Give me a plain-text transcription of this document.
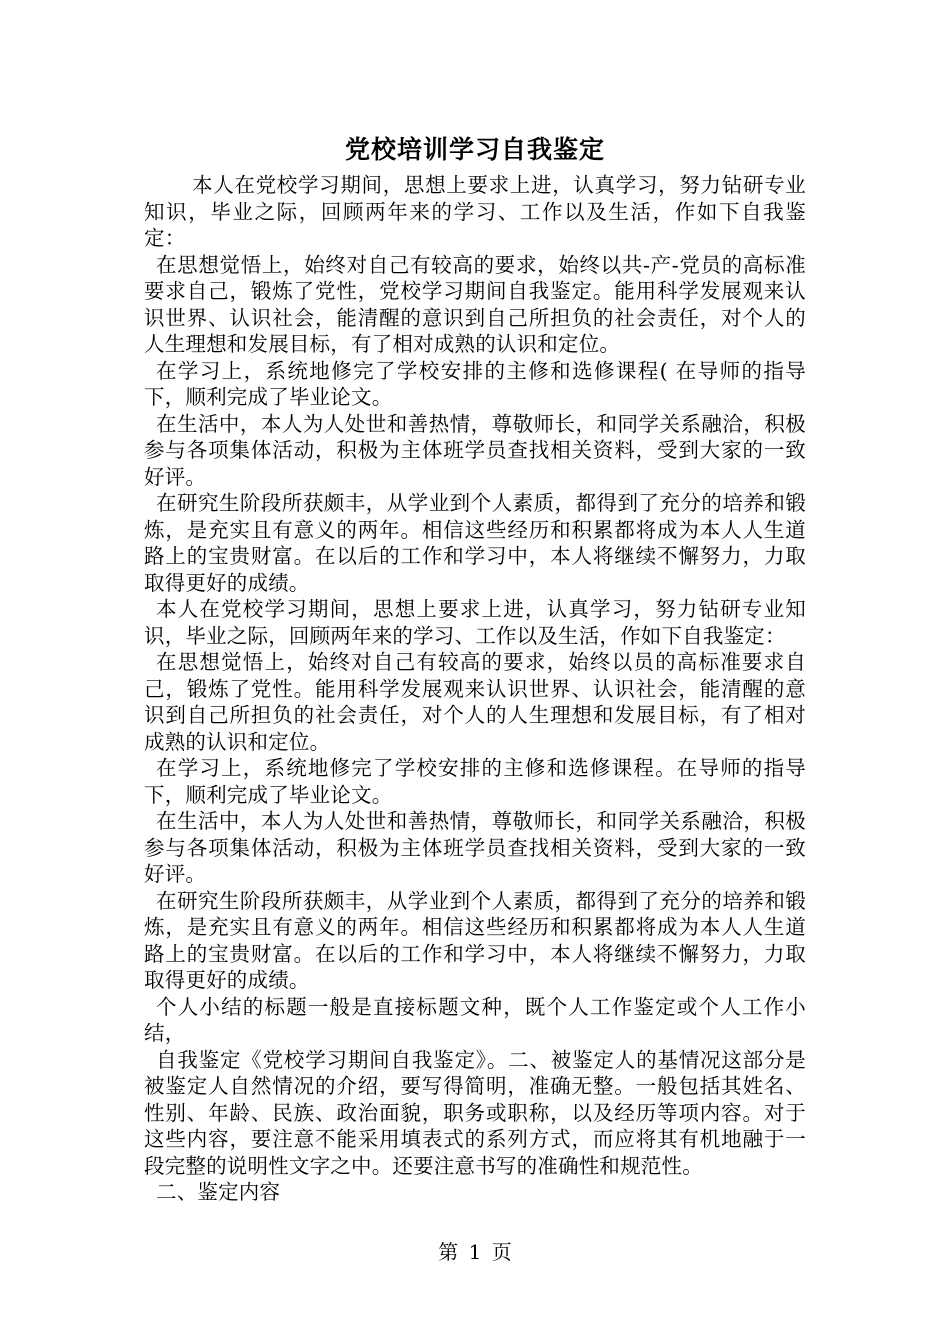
党校培训学习自我鉴定

本人在党校学习期间，思想上要求上进，认真学习，努力钻研专业知识，毕业之际，回顾两年来的学习、工作以及生活，作如下自我鉴定：

在思想觉悟上，始终对自己有较高的要求，始终以共-产-党员的高标准要求自己，锻炼了党性，党校学习期间自我鉴定。能用科学发展观来认识世界、认识社会，能清醒的意识到自己所担负的社会责任，对个人的人生理想和发展目标，有了相对成熟的认识和定位。

在学习上，系统地修完了学校安排的主修和选修课程( 在导师的指导下，顺利完成了毕业论文。

在生活中，本人为人处世和善热情，尊敬师长，和同学关系融洽，积极参与各项集体活动，积极为主体班学员查找相关资料，受到大家的一致好评。

在研究生阶段所获颇丰，从学业到个人素质，都得到了充分的培养和锻炼，是充实且有意义的两年。相信这些经历和积累都将成为本人人生道路上的宝贵财富。在以后的工作和学习中，本人将继续不懈努力，力取取得更好的成绩。

本人在党校学习期间，思想上要求上进，认真学习，努力钻研专业知识，毕业之际，回顾两年来的学习、工作以及生活，作如下自我鉴定：

在思想觉悟上，始终对自己有较高的要求，始终以员的高标准要求自己，锻炼了党性。能用科学发展观来认识世界、认识社会，能清醒的意识到自己所担负的社会责任，对个人的人生理想和发展目标，有了相对成熟的认识和定位。

在学习上，系统地修完了学校安排的主修和选修课程。在导师的指导下，顺利完成了毕业论文。

在生活中，本人为人处世和善热情，尊敬师长，和同学关系融洽，积极参与各项集体活动，积极为主体班学员查找相关资料，受到大家的一致好评。

在研究生阶段所获颇丰，从学业到个人素质，都得到了充分的培养和锻炼，是充实且有意义的两年。相信这些经历和积累都将成为本人人生道路上的宝贵财富。在以后的工作和学习中，本人将继续不懈努力，力取取得更好的成绩。

个人小结的标题一般是直接标题文种，既个人工作鉴定或个人工作小结，

自我鉴定《党校学习期间自我鉴定》。二、被鉴定人的基情况这部分是被鉴定人自然情况的介绍，要写得简明，准确无整。一般包括其姓名、性别、年龄、民族、政治面貌，职务或职称，以及经历等项内容。对于这些内容，要注意不能采用填表式的系列方式，而应将其有机地融于一段完整的说明性文字之中。还要注意书写的准确性和规范性。

二、鉴定内容

第 1 页
